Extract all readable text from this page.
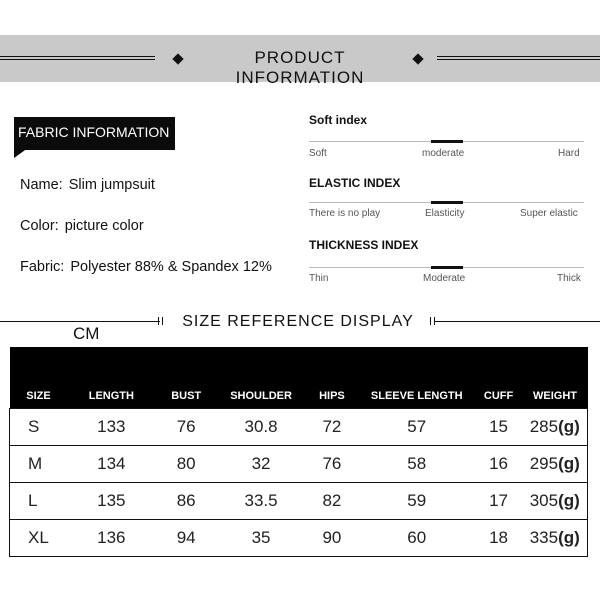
PRODUCT INFORMATION
FABRIC INFORMATION
Name: Slim jumpsuit
Color: picture color
Fabric: Polyester 88% & Spandex 12%
Soft index
Soft	moderate	Hard
ELASTIC INDEX
There is no play	Elasticity	Super elastic
THICKNESS INDEX
Thin	Moderate	Thick
SIZE REFERENCE DISPLAY
CM
SIZE	LENGTH	BUST	SHOULDER	HIPS	SLEEVE LENGTH	CUFF	WEIGHT
S	133	76	30.8	72	57	15	285(g)
M	134	80	32	76	58	16	295(g)
L	135	86	33.5	82	59	17	305(g)
XL	136	94	35	90	60	18	335(g)
